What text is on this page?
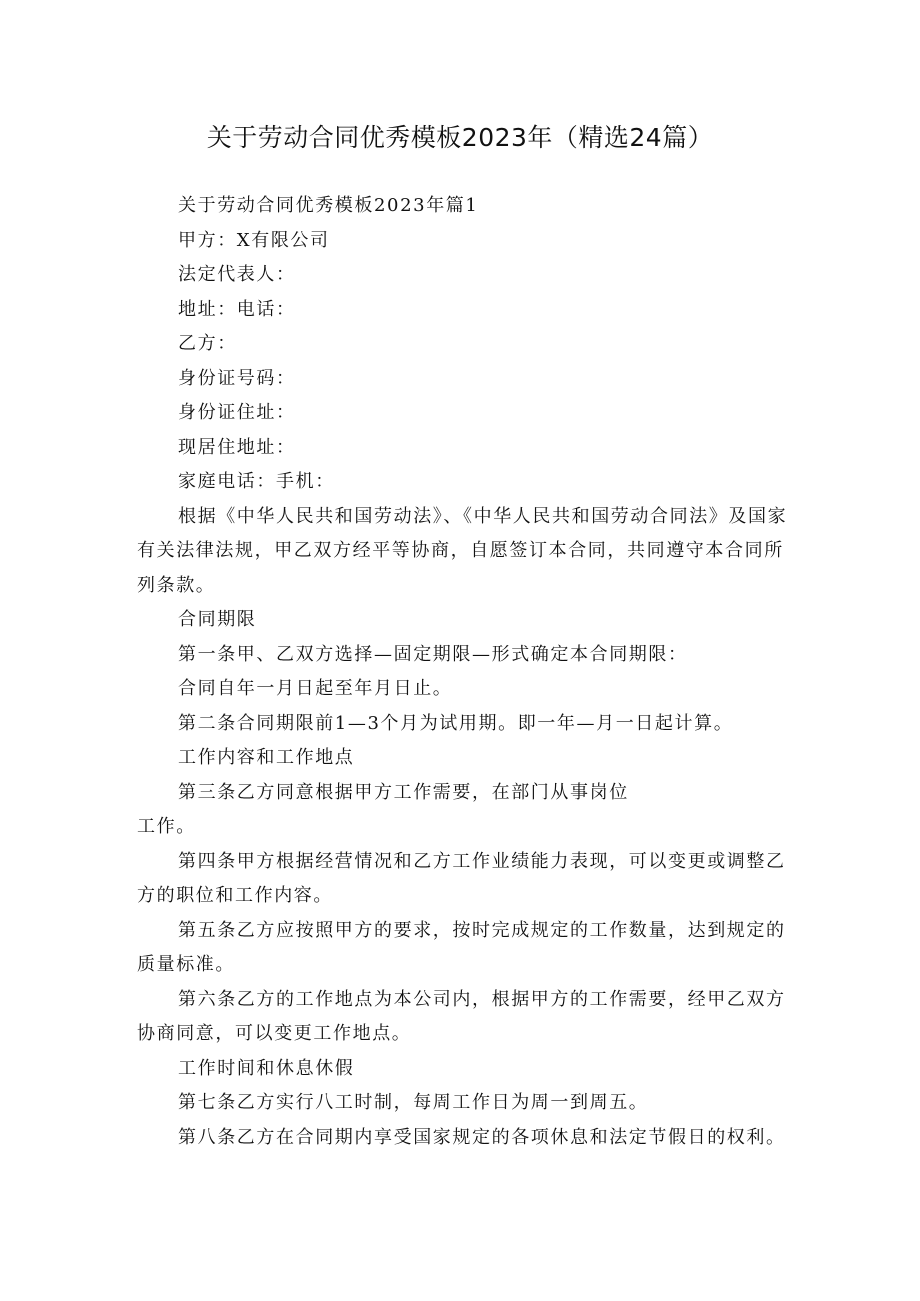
关于劳动合同优秀模板2023年（精选24篇）

关于劳动合同优秀模板2023年篇1

甲方：X有限公司

法定代表人：

地址：电话：

乙方：

身份证号码：

身份证住址：

现居住地址：

家庭电话：手机：

根据《中华人民共和国劳动法》、《中华人民共和国劳动合同法》及国家有关法律法规，甲乙双方经平等协商，自愿签订本合同，共同遵守本合同所列条款。

合同期限

第一条甲、乙双方选择—固定期限—形式确定本合同期限：

合同自年一月日起至年月日止。

第二条合同期限前1—3个月为试用期。即一年—月一日起计算。

工作内容和工作地点

第三条乙方同意根据甲方工作需要，在部门从事岗位

工作。

第四条甲方根据经营情况和乙方工作业绩能力表现，可以变更或调整乙方的职位和工作内容。

第五条乙方应按照甲方的要求，按时完成规定的工作数量，达到规定的质量标准。

第六条乙方的工作地点为本公司内，根据甲方的工作需要，经甲乙双方协商同意，可以变更工作地点。

工作时间和休息休假

第七条乙方实行八工时制，每周工作日为周一到周五。

第八条乙方在合同期内享受国家规定的各项休息和法定节假日的权利。
